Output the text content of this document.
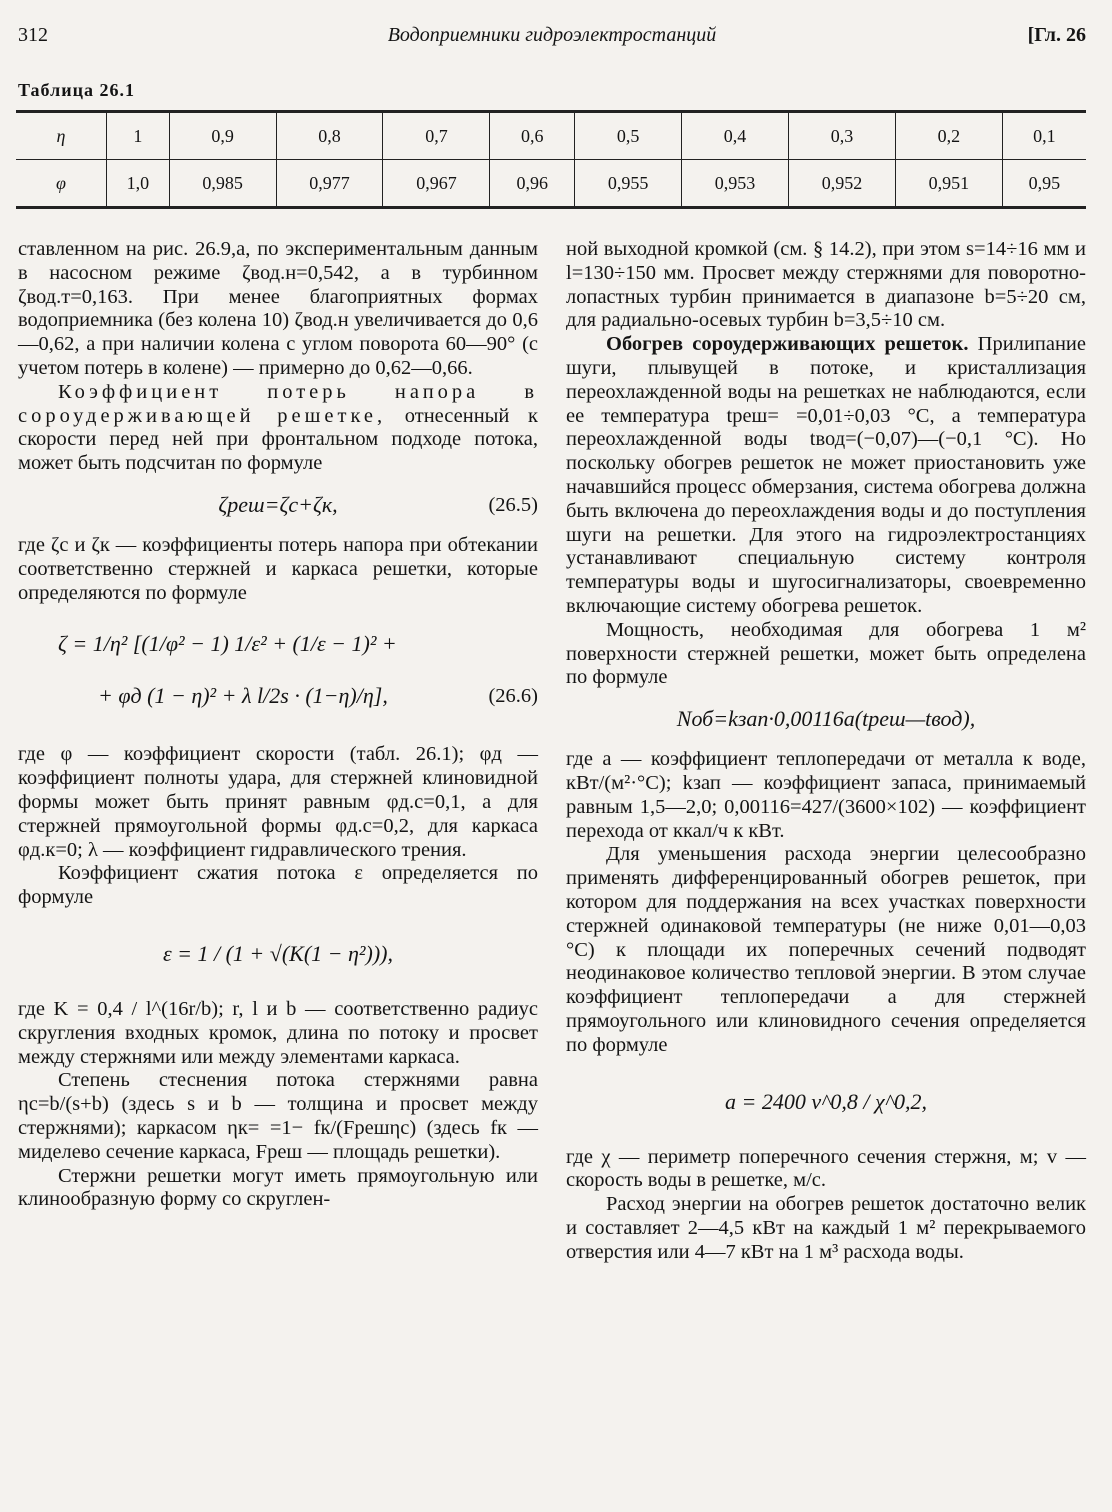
312	Водоприемники гидроэлектростанций	[Гл. 26
Таблица 26.1
η	1	0,9	0,8	0,7	0,6	0,5	0,4	0,3	0,2	0,1
φ	1,0	0,985	0,977	0,967	0,96	0,955	0,953	0,952	0,951	0,95

ставленном на рис. 26.9,а, по экспериментальным данным в насосном режиме ζвод.н=0,542, а в турбинном ζвод.т=0,163. При менее благоприятных формах водоприемника (без колена 10) ζвод.н увеличивается до 0,6—0,62, а при наличии колена с углом поворота 60—90° (с учетом потерь в колене) — примерно до 0,62—0,66.

Коэффициент потерь напора в сороудерживающей решетке, отнесенный к скорости перед ней при фронтальном подходе потока, может быть подсчитан по формуле

ζреш=ζс+ζк,	(26.5)

где ζс и ζк — коэффициенты потерь напора при обтекании соответственно стержней и каркаса решетки, которые определяются по формуле

ζ = 1/η² [(1/φ² − 1) 1/ε² + (1/ε − 1)² +
+ φд (1 − η)² + λ l/2s · (1−η)/η],	(26.6)

где φ — коэффициент скорости (табл. 26.1); φд — коэффициент полноты удара, для стержней клиновидной формы может быть принят равным φд.с=0,1, а для стержней прямоугольной формы φд.с=0,2, для каркаса φд.к=0; λ — коэффициент гидравлического трения.

Коэффициент сжатия потока ε определяется по формуле

ε = 1 / (1 + √(K(1 − η²))),

где K = 0,4 / l^(16r/b); r, l и b — соответственно радиус скругления входных кромок, длина по потоку и просвет между стержнями или между элементами каркаса.

Степень стеснения потока стержнями равна ηс=b/(s+b) (здесь s и b — толщина и просвет между стержнями); каркасом ηк= =1− fк/(Fрешηс) (здесь fк — миделево сечение каркаса, Fреш — площадь решетки).

Стержни решетки могут иметь прямоугольную или клинообразную форму со скруглен-

ной выходной кромкой (см. § 14.2), при этом s=14÷16 мм и l=130÷150 мм. Просвет между стержнями для поворотно-лопастных турбин принимается в диапазоне b=5÷20 см, для радиально-осевых турбин b=3,5÷10 см.

Обогрев сороудерживающих решеток. Прилипание шуги, плывущей в потоке, и кристаллизация переохлажденной воды на решетках не наблюдаются, если ее температура tреш= =0,01÷0,03 °С, а температура переохлажденной воды tвод=(−0,07)—(−0,1 °С). Но поскольку обогрев решеток не может приостановить уже начавшийся процесс обмерзания, система обогрева должна быть включена до переохлаждения воды и до поступления шуги на решетки. Для этого на гидроэлектростанциях устанавливают специальную систему контроля температуры воды и шугосигнализаторы, своевременно включающие систему обогрева решеток.

Мощность, необходимая для обогрева 1 м² поверхности стержней решетки, может быть определена по формуле

Nоб=kзап·0,00116a(tреш—tвод),

где a — коэффициент теплопередачи от металла к воде, кВт/(м²·°С); kзап — коэффициент запаса, принимаемый равным 1,5—2,0; 0,00116=427/(3600×102) — коэффициент перехода от ккал/ч к кВт.

Для уменьшения расхода энергии целесообразно применять дифференцированный обогрев решеток, при котором для поддержания на всех участках поверхности стержней одинаковой температуры (не ниже 0,01—0,03 °С) к площади их поперечных сечений подводят неодинаковое количество тепловой энергии. В этом случае коэффициент теплопередачи a для стержней прямоугольного или клиновидного сечения определяется по формуле

a = 2400 v^0,8 / χ^0,2,

где χ — периметр поперечного сечения стержня, м; v — скорость воды в решетке, м/с.

Расход энергии на обогрев решеток достаточно велик и составляет 2—4,5 кВт на каждый 1 м² перекрываемого отверстия или 4—7 кВт на 1 м³ расхода воды.
